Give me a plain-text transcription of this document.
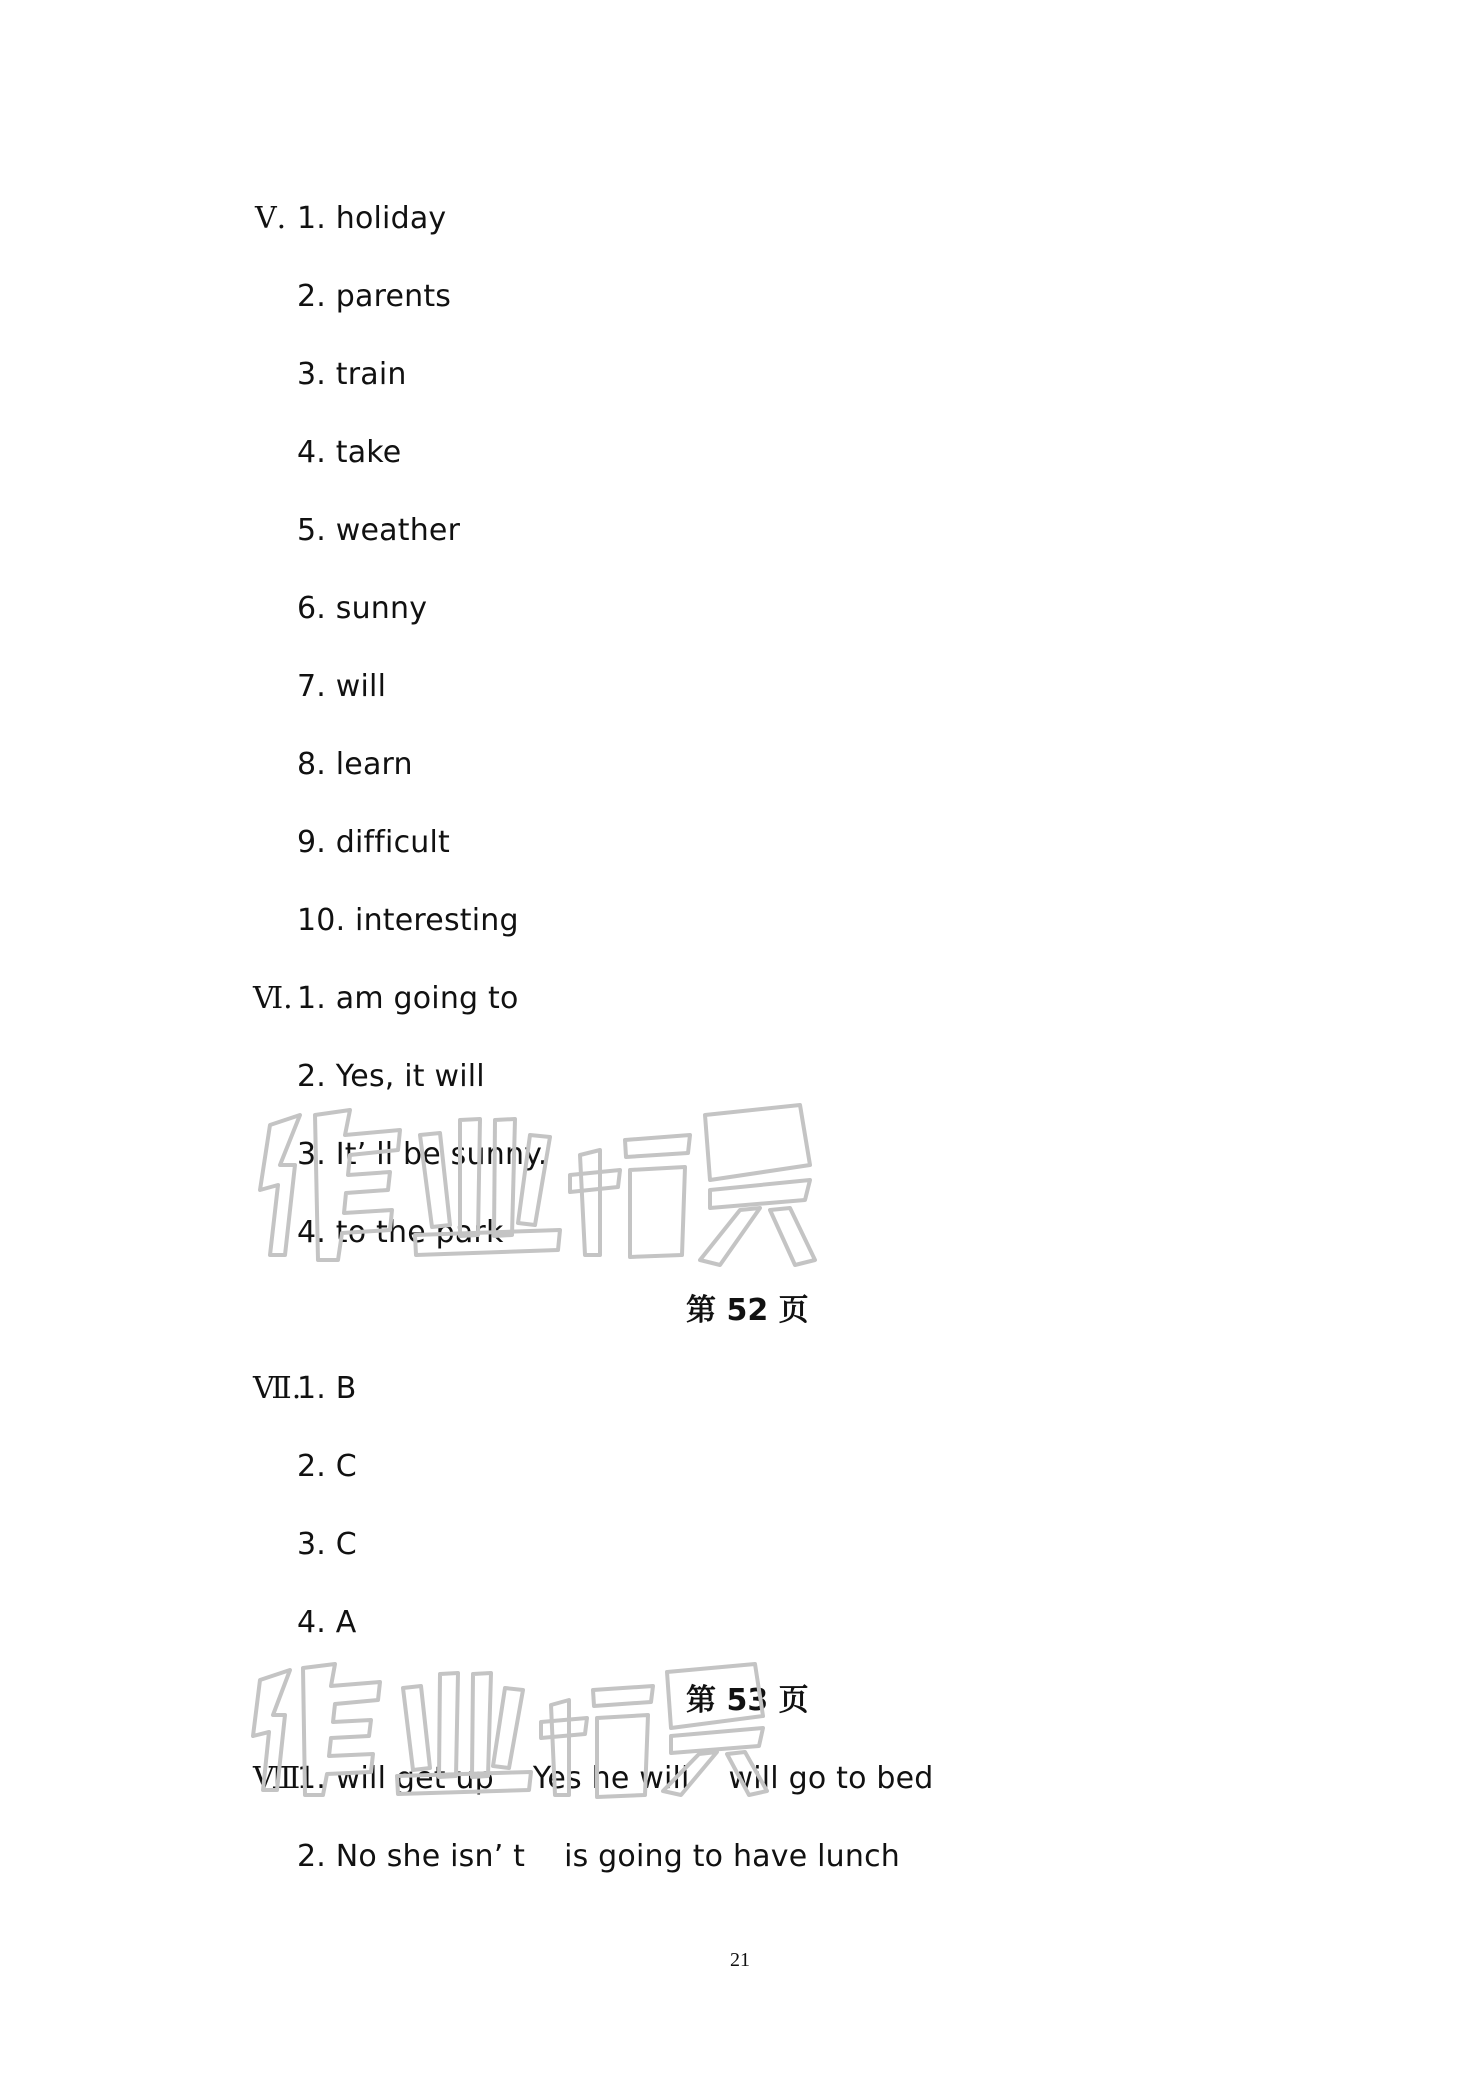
Ⅴ. 1. holiday
2. parents
3. train
4. take
5. weather
6. sunny
7. will
8. learn
9. difficult
10. interesting
Ⅵ. 1. am going to
2. Yes, it will
3. It’ ll be sunny.
4. to the park
第 52 页
Ⅶ.
1. B
2. C
3. C
4. A
第 53 页
Ⅷ.
1. will get up    Yes he will    will go to bed
2. No she isn’ t    is going to have lunch
21
